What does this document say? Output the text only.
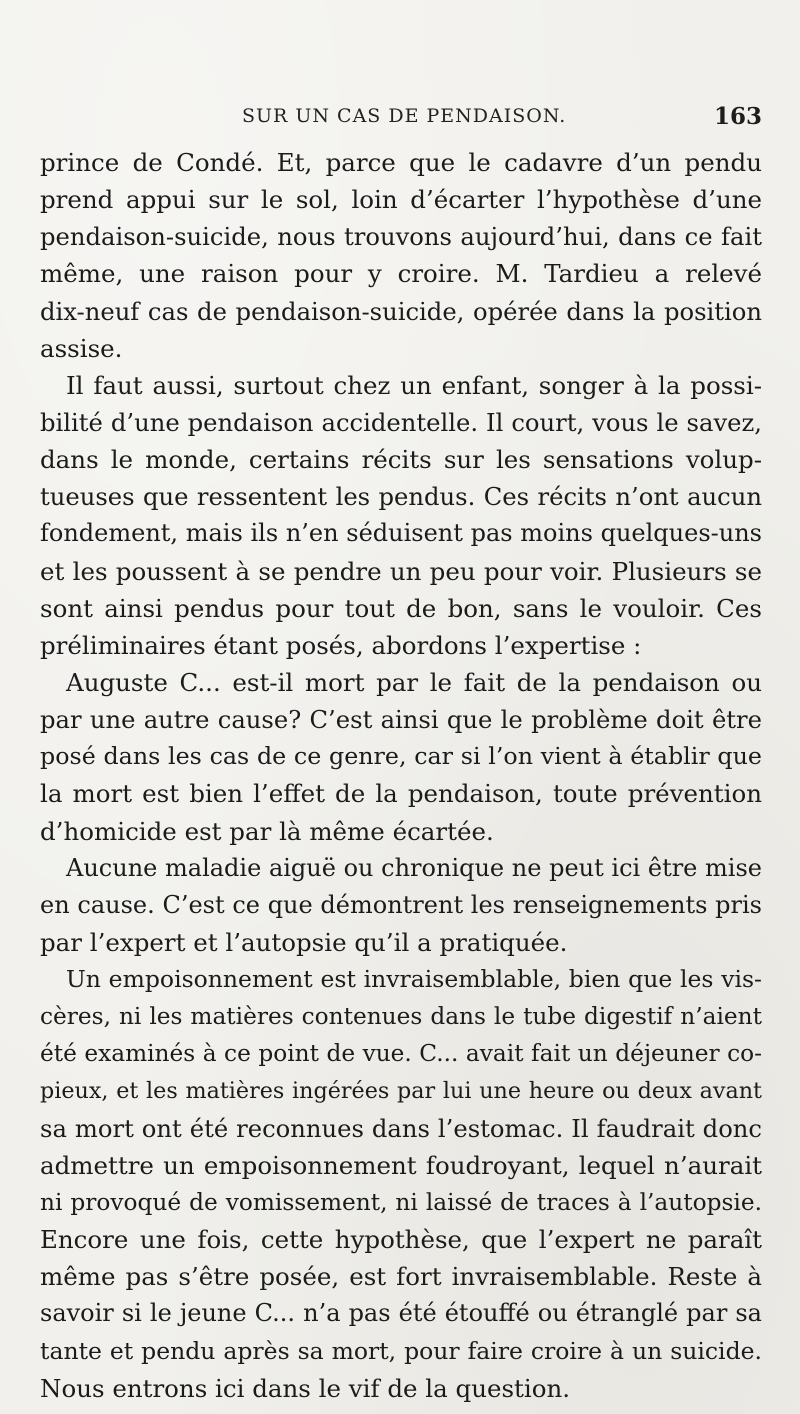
SUR UN CAS DE PENDAISON.	163
prince de Condé. Et, parce que le cadavre d’un pendu
prend appui sur le sol, loin d’écarter l’hypothèse d’une
pendaison-suicide, nous trouvons aujourd’hui, dans ce fait
même, une raison pour y croire. M. Tardieu a relevé
dix-neuf cas de pendaison-suicide, opérée dans la position
assise.
Il faut aussi, surtout chez un enfant, songer à la possi-
bilité d’une pendaison accidentelle. Il court, vous le savez,
dans le monde, certains récits sur les sensations volup-
tueuses que ressentent les pendus. Ces récits n’ont aucun
fondement, mais ils n’en séduisent pas moins quelques-uns
et les poussent à se pendre un peu pour voir. Plusieurs se
sont ainsi pendus pour tout de bon, sans le vouloir. Ces
préliminaires étant posés, abordons l’expertise :
Auguste C... est-il mort par le fait de la pendaison ou
par une autre cause? C’est ainsi que le problème doit être
posé dans les cas de ce genre, car si l’on vient à établir que
la mort est bien l’effet de la pendaison, toute prévention
d’homicide est par là même écartée.
Aucune maladie aiguë ou chronique ne peut ici être mise
en cause. C’est ce que démontrent les renseignements pris
par l’expert et l’autopsie qu’il a pratiquée.
Un empoisonnement est invraisemblable, bien que les vis-
cères, ni les matières contenues dans le tube digestif n’aient
été examinés à ce point de vue. C... avait fait un déjeuner co-
pieux, et les matières ingérées par lui une heure ou deux avant
sa mort ont été reconnues dans l’estomac. Il faudrait donc
admettre un empoisonnement foudroyant, lequel n’aurait
ni provoqué de vomissement, ni laissé de traces à l’autopsie.
Encore une fois, cette hypothèse, que l’expert ne paraît
même pas s’être posée, est fort invraisemblable. Reste à
savoir si le jeune C... n’a pas été étouffé ou étranglé par sa
tante et pendu après sa mort, pour faire croire à un suicide.
Nous entrons ici dans le vif de la question.
